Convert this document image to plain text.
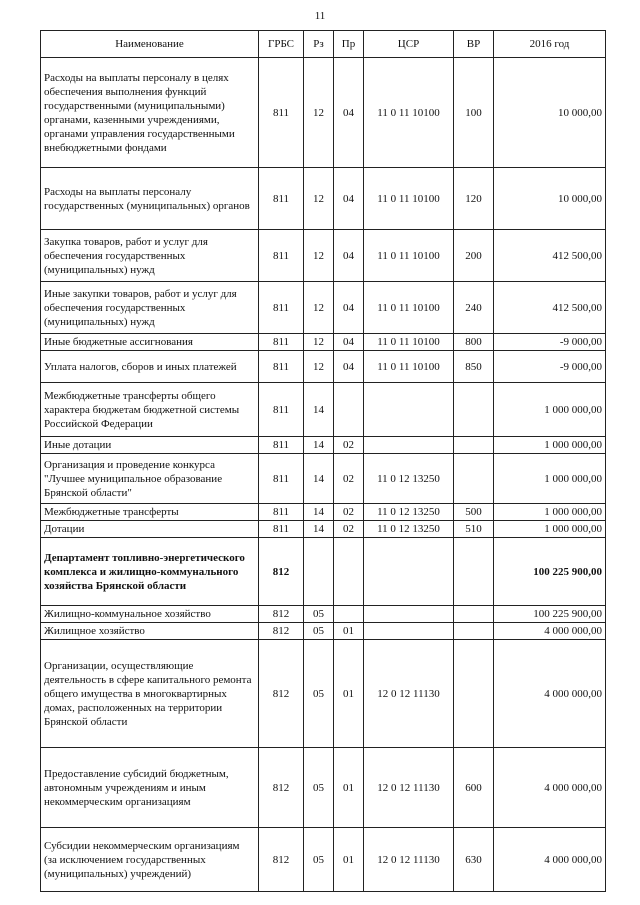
11
Наименование	ГРБС	Рз	Пр	ЦСР	ВР	2016 год
Расходы на выплаты персоналу в целях обеспечения выполнения функций государственными (муниципальными) органами, казенными учреждениями, органами управления государственными внебюджетными фондами	811	12	04	11 0 11 10100	100	10 000,00
Расходы на выплаты персоналу государственных (муниципальных) органов	811	12	04	11 0 11 10100	120	10 000,00
Закупка товаров, работ и услуг для обеспечения государственных (муниципальных) нужд	811	12	04	11 0 11 10100	200	412 500,00
Иные закупки товаров, работ и услуг для обеспечения государственных (муниципальных) нужд	811	12	04	11 0 11 10100	240	412 500,00
Иные бюджетные ассигнования	811	12	04	11 0 11 10100	800	-9 000,00
Уплата налогов, сборов и иных платежей	811	12	04	11 0 11 10100	850	-9 000,00
Межбюджетные трансферты общего характера бюджетам бюджетной системы Российской Федерации	811	14				1 000 000,00
Иные дотации	811	14	02			1 000 000,00
Организация и проведение конкурса "Лучшее муниципальное образование Брянской области"	811	14	02	11 0 12 13250		1 000 000,00
Межбюджетные трансферты	811	14	02	11 0 12 13250	500	1 000 000,00
Дотации	811	14	02	11 0 12 13250	510	1 000 000,00
Департамент топливно-энергетического комплекса и жилищно-коммунального хозяйства Брянской области	812					100 225 900,00
Жилищно-коммунальное хозяйство	812	05				100 225 900,00
Жилищное хозяйство	812	05	01			4 000 000,00
Организации, осуществляющие деятельность в сфере капитального ремонта общего имущества в многоквартирных домах, расположенных на территории Брянской области	812	05	01	12 0 12 11130		4 000 000,00
Предоставление субсидий бюджетным, автономным учреждениям и иным некоммерческим организациям	812	05	01	12 0 12 11130	600	4 000 000,00
Субсидии некоммерческим организациям (за исключением государственных (муниципальных) учреждений)	812	05	01	12 0 12 11130	630	4 000 000,00
